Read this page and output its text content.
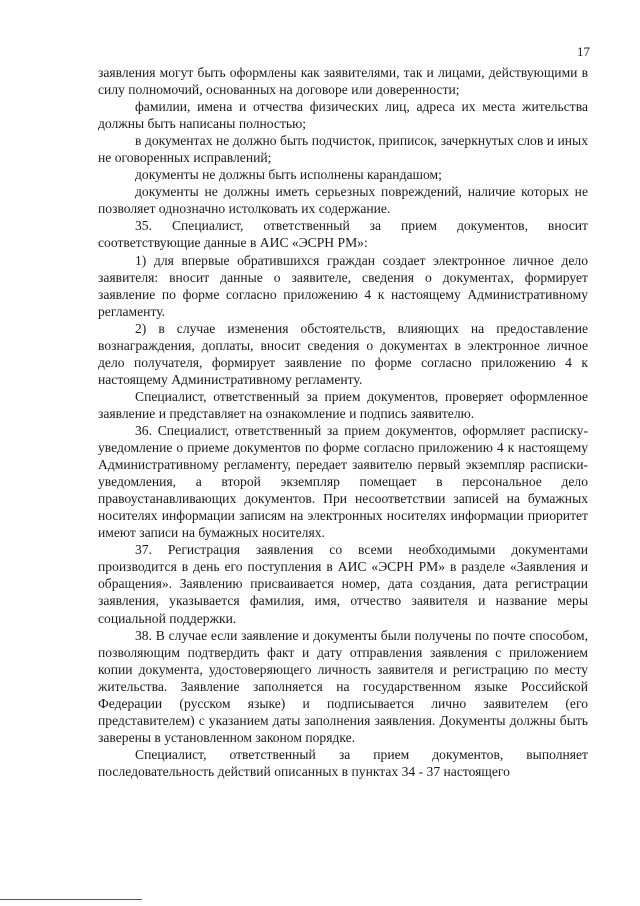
17

заявления могут быть оформлены как заявителями, так и лицами, действующими в силу полномочий, основанных на договоре или доверенности;

фамилии, имена и отчества физических лиц, адреса их места жительства должны быть написаны полностью;

в документах не должно быть подчисток, приписок, зачеркнутых слов и иных не оговоренных исправлений;

документы не должны быть исполнены карандашом;

документы не должны иметь серьезных повреждений, наличие которых не позволяет однозначно истолковать их содержание.

35. Специалист, ответственный за прием документов, вносит соответствующие данные в АИС «ЭСРН РМ»:

1) для впервые обратившихся граждан создает электронное личное дело заявителя: вносит данные о заявителе, сведения о документах, формирует заявление по форме согласно приложению 4 к настоящему Административному регламенту.

2) в случае изменения обстоятельств, влияющих на предоставление вознаграждения, доплаты, вносит сведения о документах в электронное личное дело получателя, формирует заявление по форме согласно приложению 4 к настоящему Административному регламенту.

Специалист, ответственный за прием документов, проверяет оформленное заявление и представляет на ознакомление и подпись заявителю.

36. Специалист, ответственный за прием документов, оформляет расписку-уведомление о приеме документов по форме согласно приложению 4 к настоящему Административному регламенту, передает заявителю первый экземпляр расписки-уведомления, а второй экземпляр помещает в персональное дело правоустанавливающих документов. При несоответствии записей на бумажных носителях информации записям на электронных носителях информации приоритет имеют записи на бумажных носителях.

37. Регистрация заявления со всеми необходимыми документами производится в день его поступления в АИС «ЭСРН РМ» в разделе «Заявления и обращения». Заявлению присваивается номер, дата создания, дата регистрации заявления, указывается фамилия, имя, отчество заявителя и название меры социальной поддержки.

38. В случае если заявление и документы были получены по почте способом, позволяющим подтвердить факт и дату отправления заявления с приложением копии документа, удостоверяющего личность заявителя и регистрацию по месту жительства. Заявление заполняется на государственном языке Российской Федерации (русском языке) и подписывается лично заявителем (его представителем) с указанием даты заполнения заявления. Документы должны быть заверены в установленном законом порядке.

Специалист, ответственный за прием документов, выполняет последовательность действий описанных в пунктах 34 - 37 настоящего
